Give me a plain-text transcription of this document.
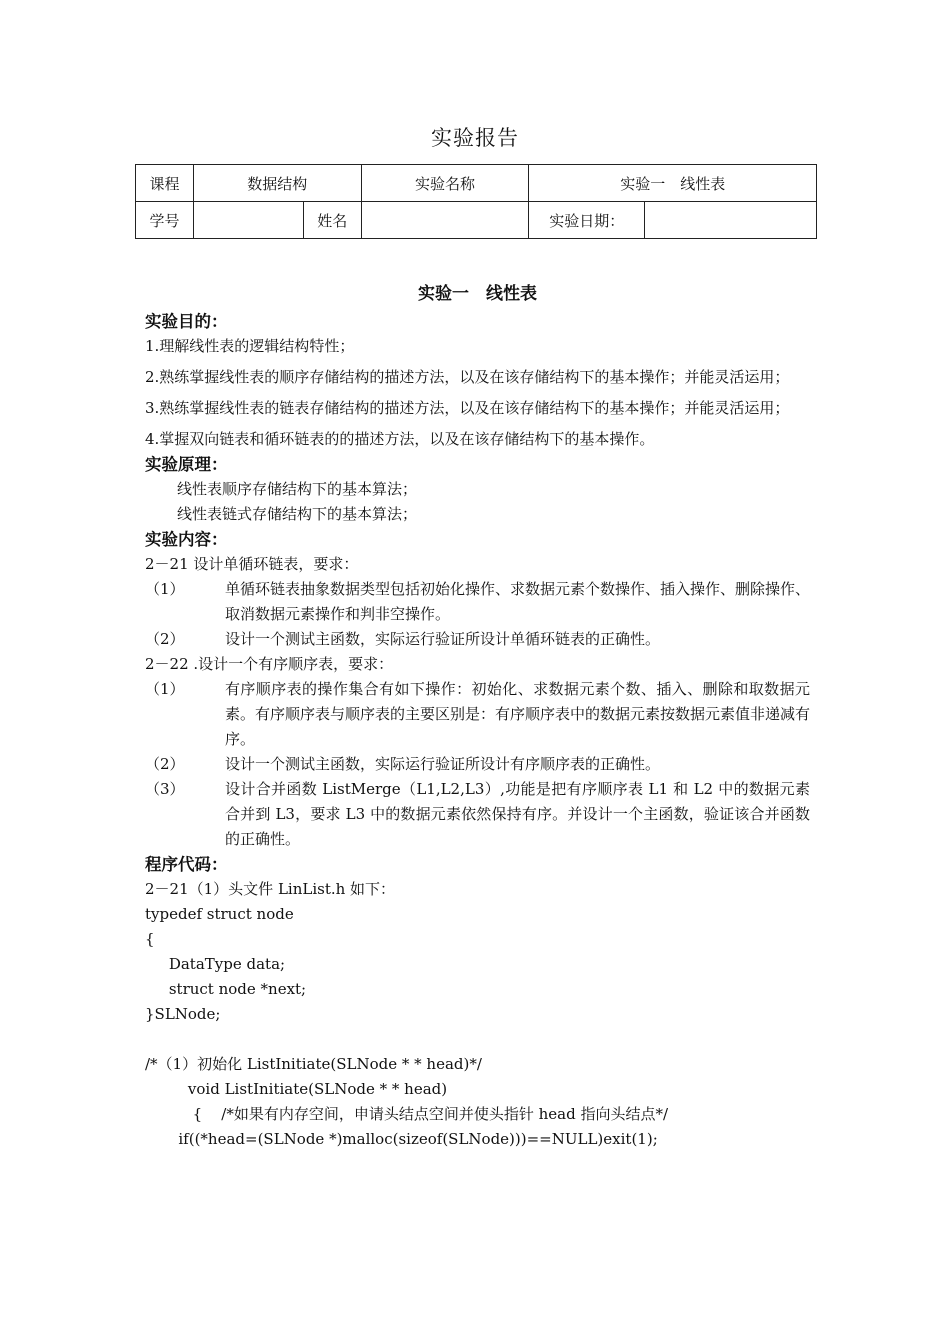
实验报告
课程	数据结构		实验名称	实验一　线性表	
学号		姓名		实验日期：	
实验一　线性表
实验目的：
1.理解线性表的逻辑结构特性；
2.熟练掌握线性表的顺序存储结构的描述方法，以及在该存储结构下的基本操作；并能灵活运用；
3.熟练掌握线性表的链表存储结构的描述方法，以及在该存储结构下的基本操作；并能灵活运用；
4.掌握双向链表和循环链表的的描述方法，以及在该存储结构下的基本操作。
实验原理：
线性表顺序存储结构下的基本算法；
线性表链式存储结构下的基本算法；
实验内容：
2－21 设计单循环链表，要求：
（1）	单循环链表抽象数据类型包括初始化操作、求数据元素个数操作、插入操作、删除操作、取消数据元素操作和判非空操作。
（2）	设计一个测试主函数，实际运行验证所设计单循环链表的正确性。
2－22 .设计一个有序顺序表，要求：
（1）	有序顺序表的操作集合有如下操作：初始化、求数据元素个数、插入、删除和取数据元素。有序顺序表与顺序表的主要区别是：有序顺序表中的数据元素按数据元素值非递减有序。
（2）	设计一个测试主函数，实际运行验证所设计有序顺序表的正确性。
（3）	设计合并函数 ListMerge（L1,L2,L3）,功能是把有序顺序表 L1 和 L2 中的数据元素合并到 L3，要求 L3 中的数据元素依然保持有序。并设计一个主函数，验证该合并函数的正确性。
程序代码：
2－21（1）头文件 LinList.h 如下：
typedef struct node
{
DataType data;
struct node *next;
}SLNode;
/*（1）初始化 ListInitiate(SLNode * * head)*/
void ListInitiate(SLNode * * head)
{    /*如果有内存空间，申请头结点空间并使头指针 head 指向头结点*/
if((*head=(SLNode *)malloc(sizeof(SLNode)))==NULL)exit(1);
